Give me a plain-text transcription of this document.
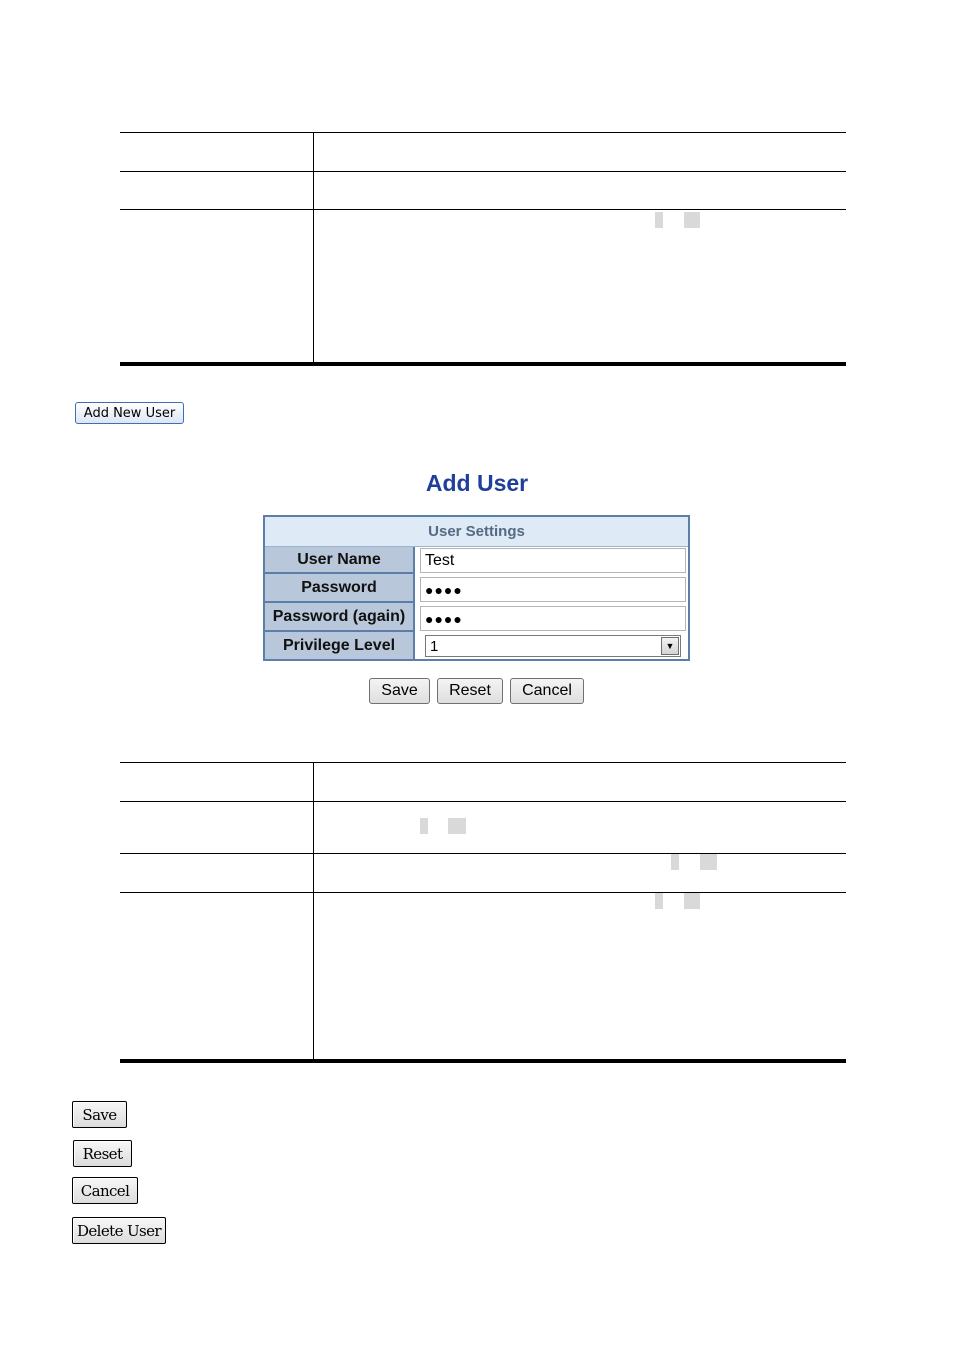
Add New User
Add User
User Settings
User Name	Test
Password	●●●●
Password (again)	●●●●
Privilege Level	1	▼
Save	Reset	Cancel
Save
Reset
Cancel
Delete User
